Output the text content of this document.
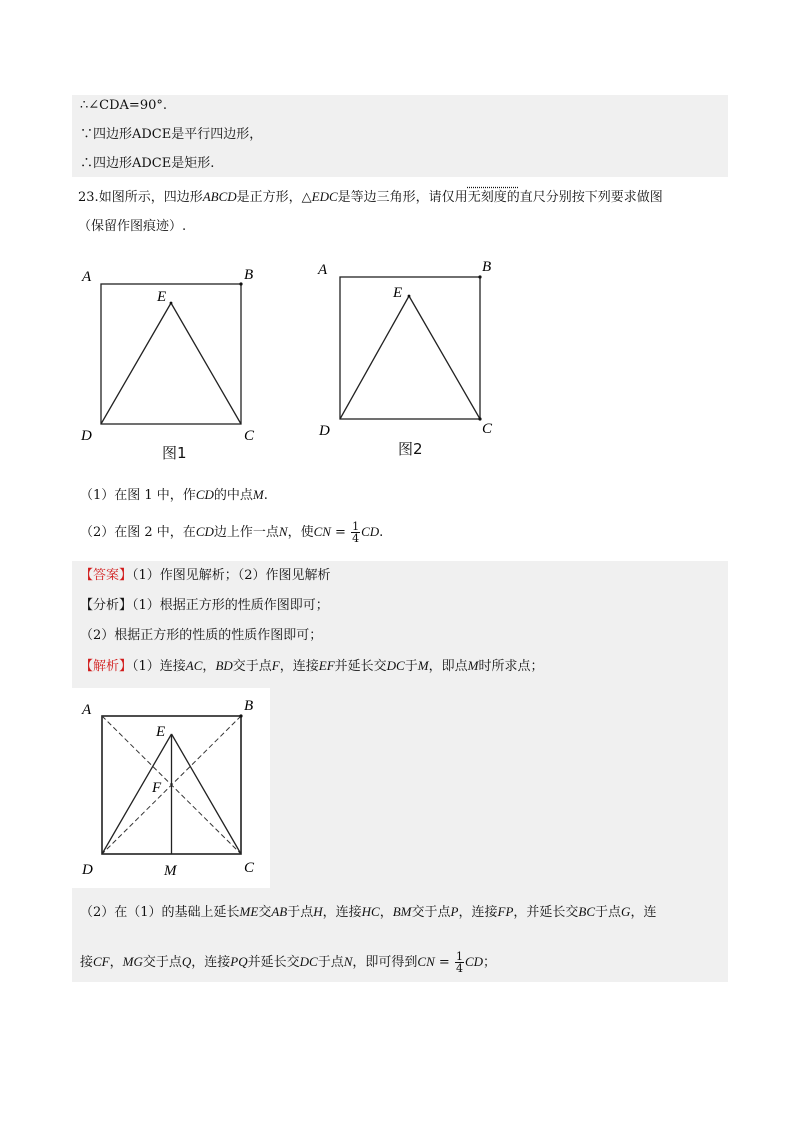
∴∠CDA=90°.
∵四边形ADCE是平行四边形，
∴四边形ADCE是矩形.
23.如图所示，四边形ABCD是正方形，△EDC是等边三角形，请仅用无刻度的直尺分别按下列要求做图
（保留作图痕迹）.
A	B
C
D
E
图1
A	B
C
D
E
图2
（1）在图 1 中，作CD的中点M.
（2）在图 2 中，在CD边上作一点N，使CN = $\frac{1}{4}$ CD.
【答案】（1）作图见解析；（2）作图见解析
【分析】（1）根据正方形的性质作图即可；
（2）根据正方形的性质的性质作图即可；
【解析】（1）连接AC，BD交于点F，连接EF并延长交DC于M，即点M时所求点；
A	B
C
D
E
F
M
（2）在（1）的基础上延长ME交AB于点H，连接HC，BM交于点P，连接FP，并延长交BC于点G，连
接CF，MG交于点Q，连接PQ并延长交DC于点N，即可得到CN = $\frac{1}{4}$ CD；
